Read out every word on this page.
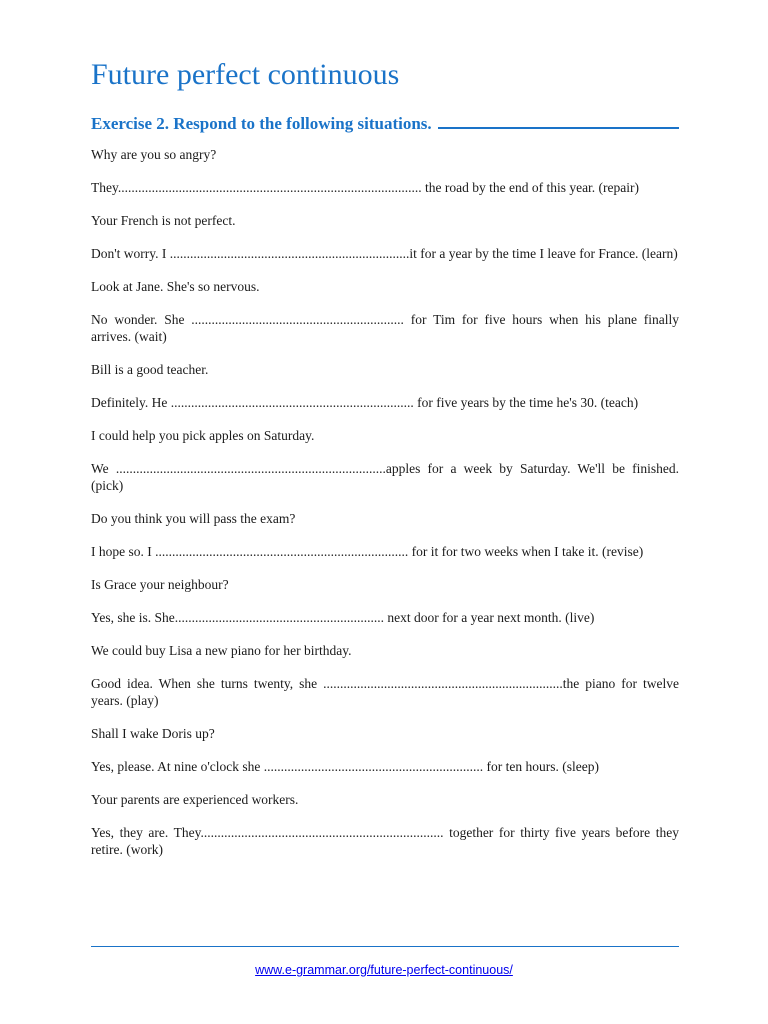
Future perfect continuous
Exercise 2. Respond to the following situations.

Why are you so angry?

They.......................................................................................... the road by the end of this year. (repair)

Your French is not perfect.

Don't worry. I .......................................................................it for a year by the time I leave for France. (learn)

Look at Jane. She's so nervous.

No wonder. She ............................................................... for Tim for five hours when his plane finally arrives. (wait)

Bill is a good teacher.

Definitely. He ........................................................................ for five years by the time he's 30. (teach)

I could help you pick apples on Saturday.

We ................................................................................apples for a week by Saturday. We'll be finished. (pick)

Do you think you will pass the exam?

I hope so. I ........................................................................... for it for two weeks when I take it. (revise)

Is Grace your neighbour?

Yes, she is. She.............................................................. next door for a year next month. (live)

We could buy Lisa a new piano for her birthday.

Good idea. When she turns twenty, she .......................................................................the piano for twelve years. (play)

Shall I wake Doris up?

Yes, please. At nine o'clock she ................................................................. for ten hours. (sleep)

Your parents are experienced workers.

Yes, they are. They........................................................................ together for thirty five years before they retire. (work)

www.e-grammar.org/future-perfect-continuous/
